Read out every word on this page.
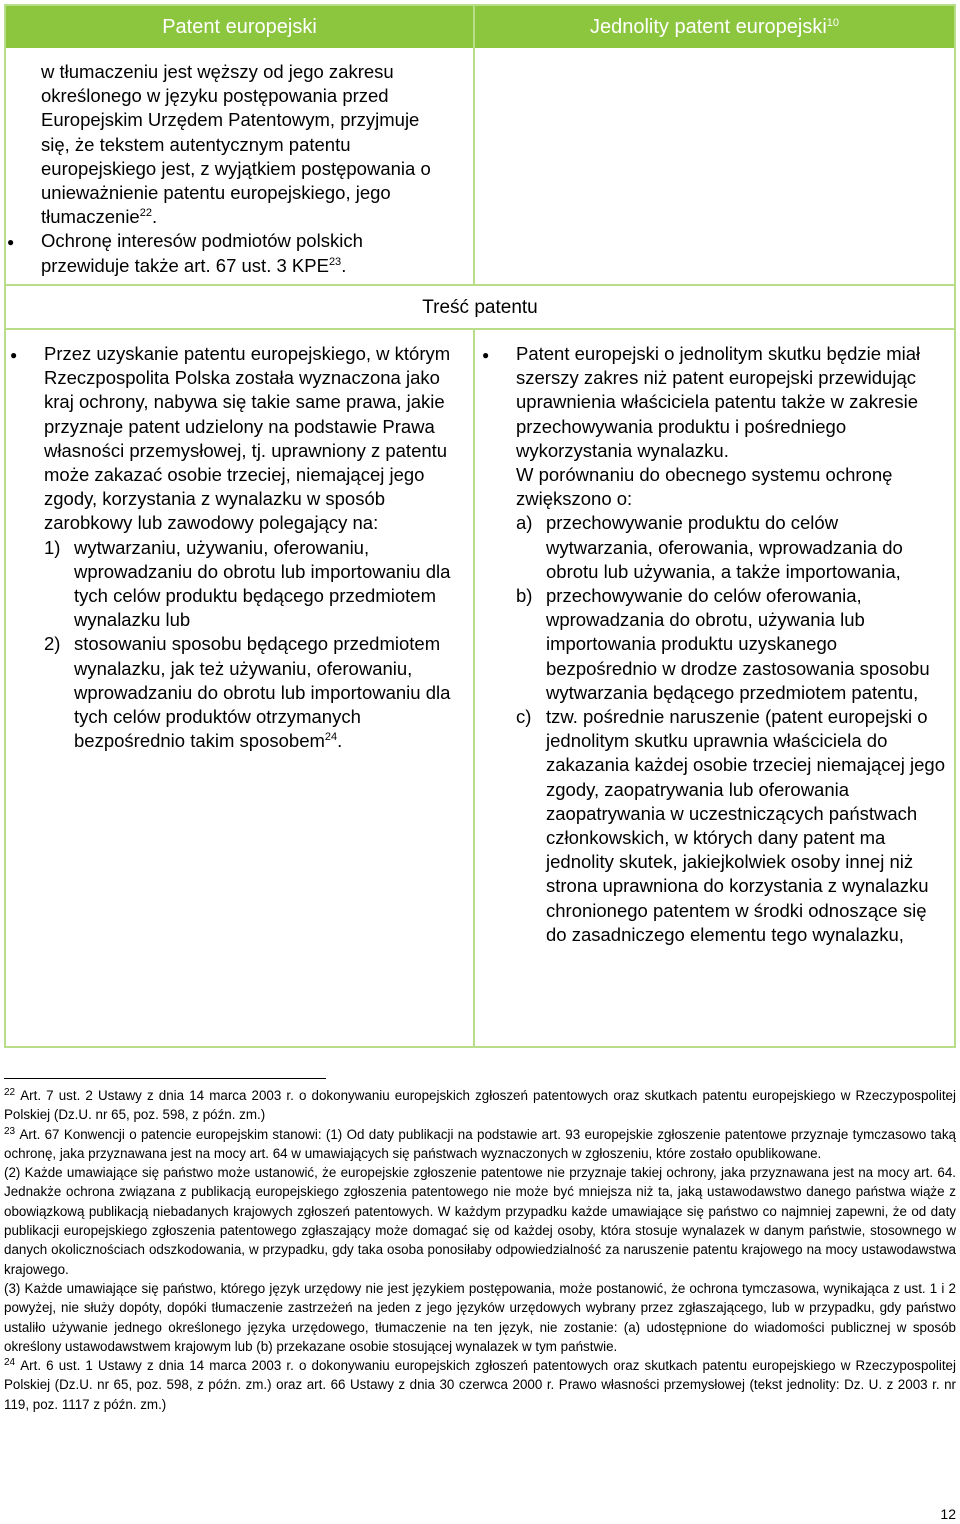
Patent europejski	Jednolity patent europejski$^{10}$
w tłumaczeniu jest węższy od jego zakresu określonego w języku postępowania przed Europejskim Urzędem Patentowym, przyjmuje się, że tekstem autentycznym patentu europejskiego jest, z wyjątkiem postępowania o unieważnienie patentu europejskiego, jego tłumaczenie$^{22}$.
● Ochronę interesów podmiotów polskich przewiduje także art. 67 ust. 3 KPE$^{23}$.
Treść patentu
● Przez uzyskanie patentu europejskiego, w którym Rzeczpospolita Polska została wyznaczona jako kraj ochrony, nabywa się takie same prawa, jakie przyznaje patent udzielony na podstawie Prawa własności przemysłowej, tj. uprawniony z patentu może zakazać osobie trzeciej, niemającej jego zgody, korzystania z wynalazku w sposób zarobkowy lub zawodowy polegający na:
1) wytwarzaniu, używaniu, oferowaniu, wprowadzaniu do obrotu lub importowaniu dla tych celów produktu będącego przedmiotem wynalazku lub
2) stosowaniu sposobu będącego przedmiotem wynalazku, jak też używaniu, oferowaniu, wprowadzaniu do obrotu lub importowaniu dla tych celów produktów otrzymanych bezpośrednio takim sposobem$^{24}$.
● Patent europejski o jednolitym skutku będzie miał szerszy zakres niż patent europejski przewidując uprawnienia właściciela patentu także w zakresie przechowywania produktu i pośredniego wykorzystania wynalazku.
W porównaniu do obecnego systemu ochronę zwiększono o:
a) przechowywanie produktu do celów wytwarzania, oferowania, wprowadzania do obrotu lub używania, a także importowania,
b) przechowywanie do celów oferowania, wprowadzania do obrotu, używania lub importowania produktu uzyskanego bezpośrednio w drodze zastosowania sposobu wytwarzania będącego przedmiotem patentu,
c) tzw. pośrednie naruszenie (patent europejski o jednolitym skutku uprawnia właściciela do zakazania każdej osobie trzeciej niemającej jego zgody, zaopatrywania lub oferowania zaopatrywania w uczestniczących państwach członkowskich, w których dany patent ma jednolity skutek, jakiejkolwiek osoby innej niż strona uprawniona do korzystania z wynalazku chronionego patentem w środki odnoszące się do zasadniczego elementu tego wynalazku,

$^{22}$ Art. 7 ust. 2 Ustawy z dnia 14 marca 2003 r. o dokonywaniu europejskich zgłoszeń patentowych oraz skutkach patentu europejskiego w Rzeczypospolitej Polskiej (Dz.U. nr 65, poz. 598, z późn. zm.)

$^{23}$ Art. 67 Konwencji o patencie europejskim stanowi: (1) Od daty publikacji na podstawie art. 93 europejskie zgłoszenie patentowe przyznaje tymczasowo taką ochronę, jaka przyznawana jest na mocy art. 64 w umawiających się państwach wyznaczonych w zgłoszeniu, które zostało opublikowane.

(2) Każde umawiające się państwo może ustanowić, że europejskie zgłoszenie patentowe nie przyznaje takiej ochrony, jaka przyznawana jest na mocy art. 64. Jednakże ochrona związana z publikacją europejskiego zgłoszenia patentowego nie może być mniejsza niż ta, jaką ustawodawstwo danego państwa wiąże z obowiązkową publikacją niebadanych krajowych zgłoszeń patentowych. W każdym przypadku każde umawiające się państwo co najmniej zapewni, że od daty publikacji europejskiego zgłoszenia patentowego zgłaszający może domagać się od każdej osoby, która stosuje wynalazek w danym państwie, stosownego w danych okolicznościach odszkodowania, w przypadku, gdy taka osoba ponosiłaby odpowiedzialność za naruszenie patentu krajowego na mocy ustawodawstwa krajowego.

(3) Każde umawiające się państwo, którego język urzędowy nie jest językiem postępowania, może postanowić, że ochrona tymczasowa, wynikająca z ust. 1 i 2 powyżej, nie służy dopóty, dopóki tłumaczenie zastrzeżeń na jeden z jego języków urzędowych wybrany przez zgłaszającego, lub w przypadku, gdy państwo ustaliło używanie jednego określonego języka urzędowego, tłumaczenie na ten język, nie zostanie: (a) udostępnione do wiadomości publicznej w sposób określony ustawodawstwem krajowym lub (b) przekazane osobie stosującej wynalazek w tym państwie.

$^{24}$ Art. 6 ust. 1 Ustawy z dnia 14 marca 2003 r. o dokonywaniu europejskich zgłoszeń patentowych oraz skutkach patentu europejskiego w Rzeczypospolitej Polskiej (Dz.U. nr 65, poz. 598, z późn. zm.) oraz art. 66 Ustawy z dnia 30 czerwca 2000 r. Prawo własności przemysłowej (tekst jednolity: Dz. U. z 2003 r. nr 119, poz. 1117 z późn. zm.)

12
